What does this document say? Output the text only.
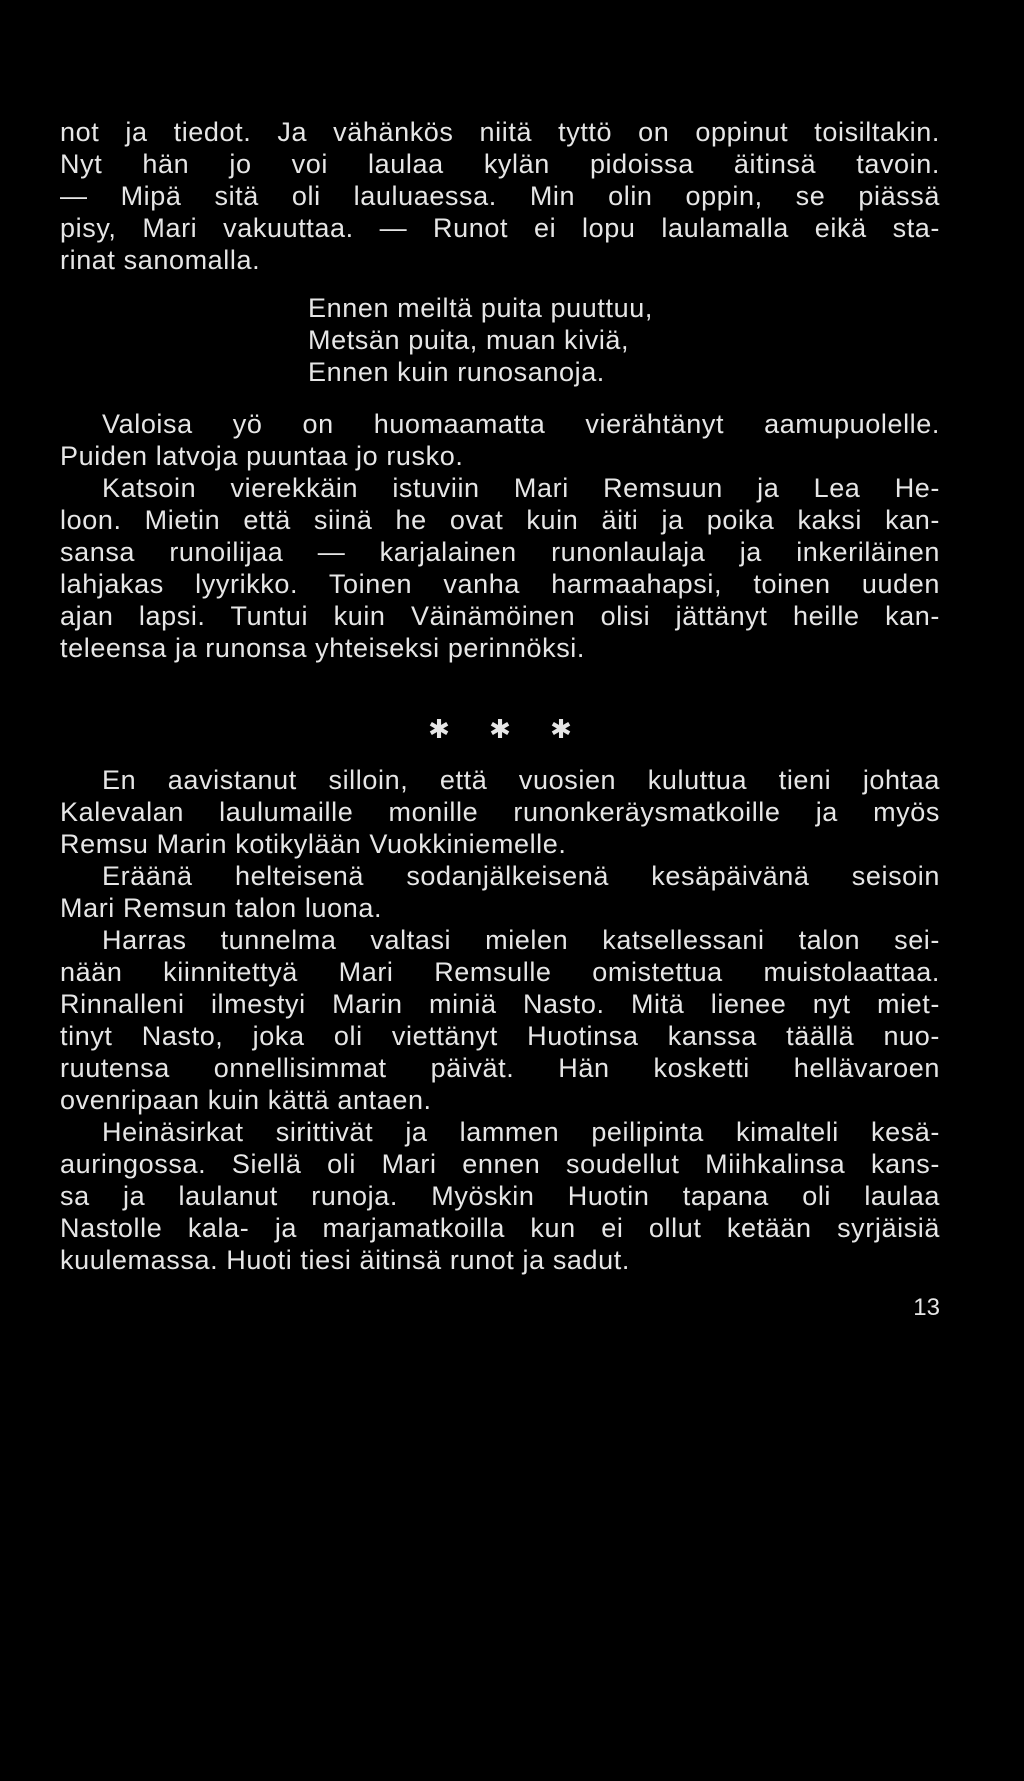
not ja tiedot. Ja vähänkös niitä tyttö on oppinut toisiltakin.
Nyt hän jo voi laulaa kylän pidoissa äitinsä tavoin.
— Mipä sitä oli lauluaessa. Min olin oppin, se piässä
pisy, Mari vakuuttaa. — Runot ei lopu laulamalla eikä sta-
rinat sanomalla.
Ennen meiltä puita puuttuu,
Metsän puita, muan kiviä,
Ennen kuin runosanoja.
Valoisa yö on huomaamatta vierähtänyt aamupuolelle.
Puiden latvoja puuntaa jo rusko.
Katsoin vierekkäin istuviin Mari Remsuun ja Lea He-
loon. Mietin että siinä he ovat kuin äiti ja poika kaksi kan-
sansa runoilijaa — karjalainen runonlaulaja ja inkeriläinen
lahjakas lyyrikko. Toinen vanha harmaahapsi, toinen uuden
ajan lapsi. Tuntui kuin Väinämöinen olisi jättänyt heille kan-
teleensa ja runonsa yhteiseksi perinnöksi.
✱ ✱ ✱
En aavistanut silloin, että vuosien kuluttua tieni johtaa
Kalevalan laulumaille monille runonkeräysmatkoille ja myös
Remsu Marin kotikylään Vuokkiniemelle.
Eräänä helteisenä sodanjälkeisenä kesäpäivänä seisoin
Mari Remsun talon luona.
Harras tunnelma valtasi mielen katsellessani talon sei-
nään kiinnitettyä Mari Remsulle omistettua muistolaattaa.
Rinnalleni ilmestyi Marin miniä Nasto. Mitä lienee nyt miet-
tinyt Nasto, joka oli viettänyt Huotinsa kanssa täällä nuo-
ruutensa onnellisimmat päivät. Hän kosketti hellävaroen
ovenripaan kuin kättä antaen.
Heinäsirkat sirittivät ja lammen peilipinta kimalteli kesä-
auringossa. Siellä oli Mari ennen soudellut Miihkalinsa kans-
sa ja laulanut runoja. Myöskin Huotin tapana oli laulaa
Nastolle kala- ja marjamatkoilla kun ei ollut ketään syrjäisiä
kuulemassa. Huoti tiesi äitinsä runot ja sadut.
13
